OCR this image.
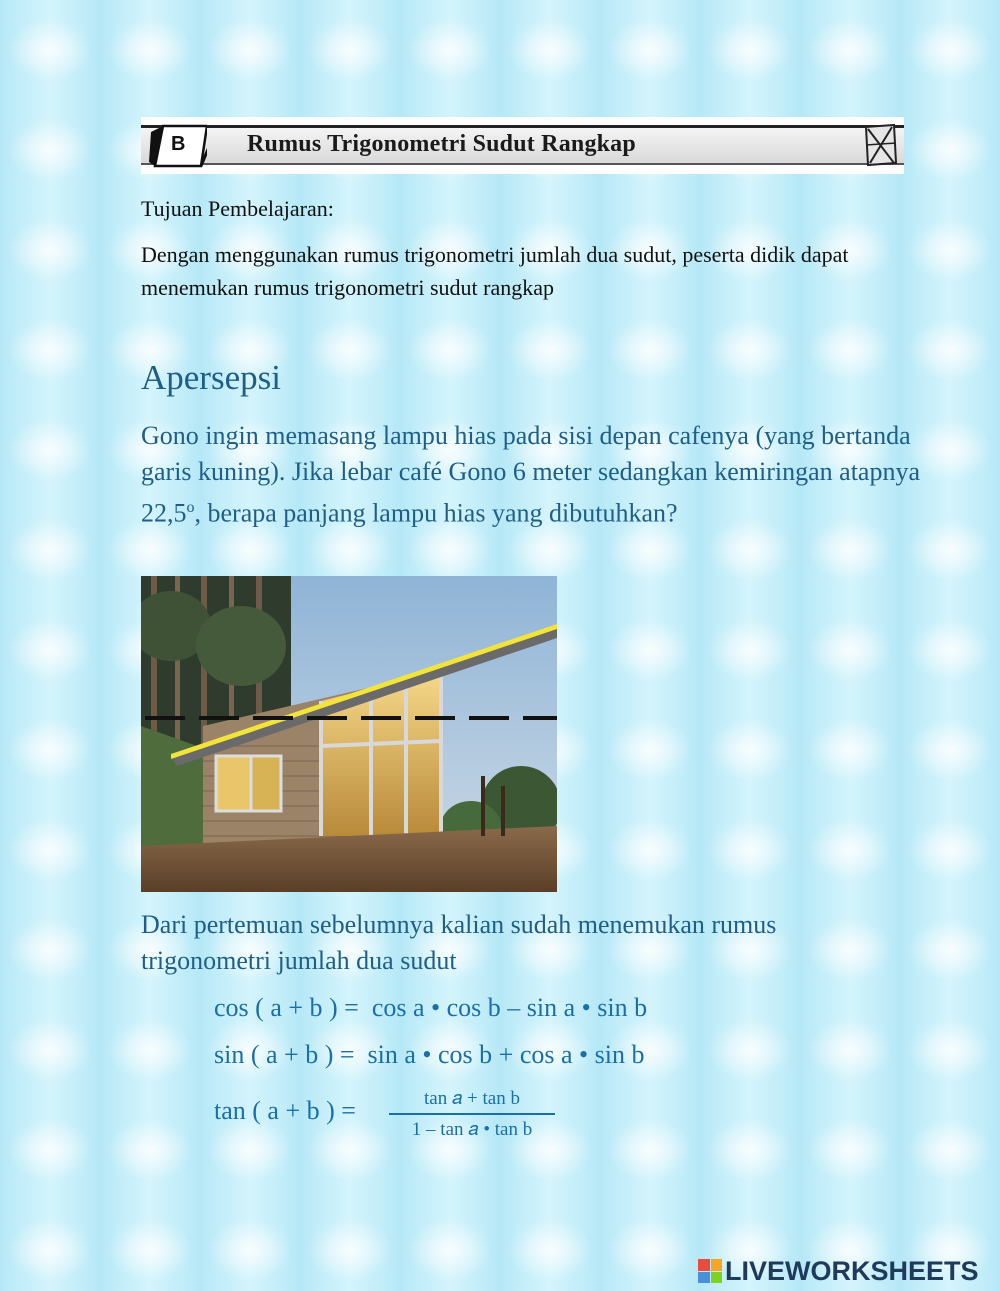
B	Rumus Trigonometri Sudut Rangkap
Tujuan Pembelajaran:
Dengan menggunakan rumus trigonometri jumlah dua sudut, peserta didik dapat menemukan rumus trigonometri sudut rangkap
Apersepsi
Gono ingin memasang lampu hias pada sisi depan cafenya (yang bertanda garis kuning). Jika lebar café Gono 6 meter sedangkan kemiringan atapnya 22,5$^o$, berapa panjang lampu hias yang dibutuhkan?
Dari pertemuan sebelumnya kalian sudah menemukan rumus trigonometri jumlah dua sudut
cos ( a + b ) =  cos a • cos b – sin a • sin b
sin ( a + b ) =  sin a • cos b + cos a • sin b
tan ( a + b ) =	tan 𝑎 + tan b
1 – tan 𝑎 • tan b
LIVEWORKSHEETS
